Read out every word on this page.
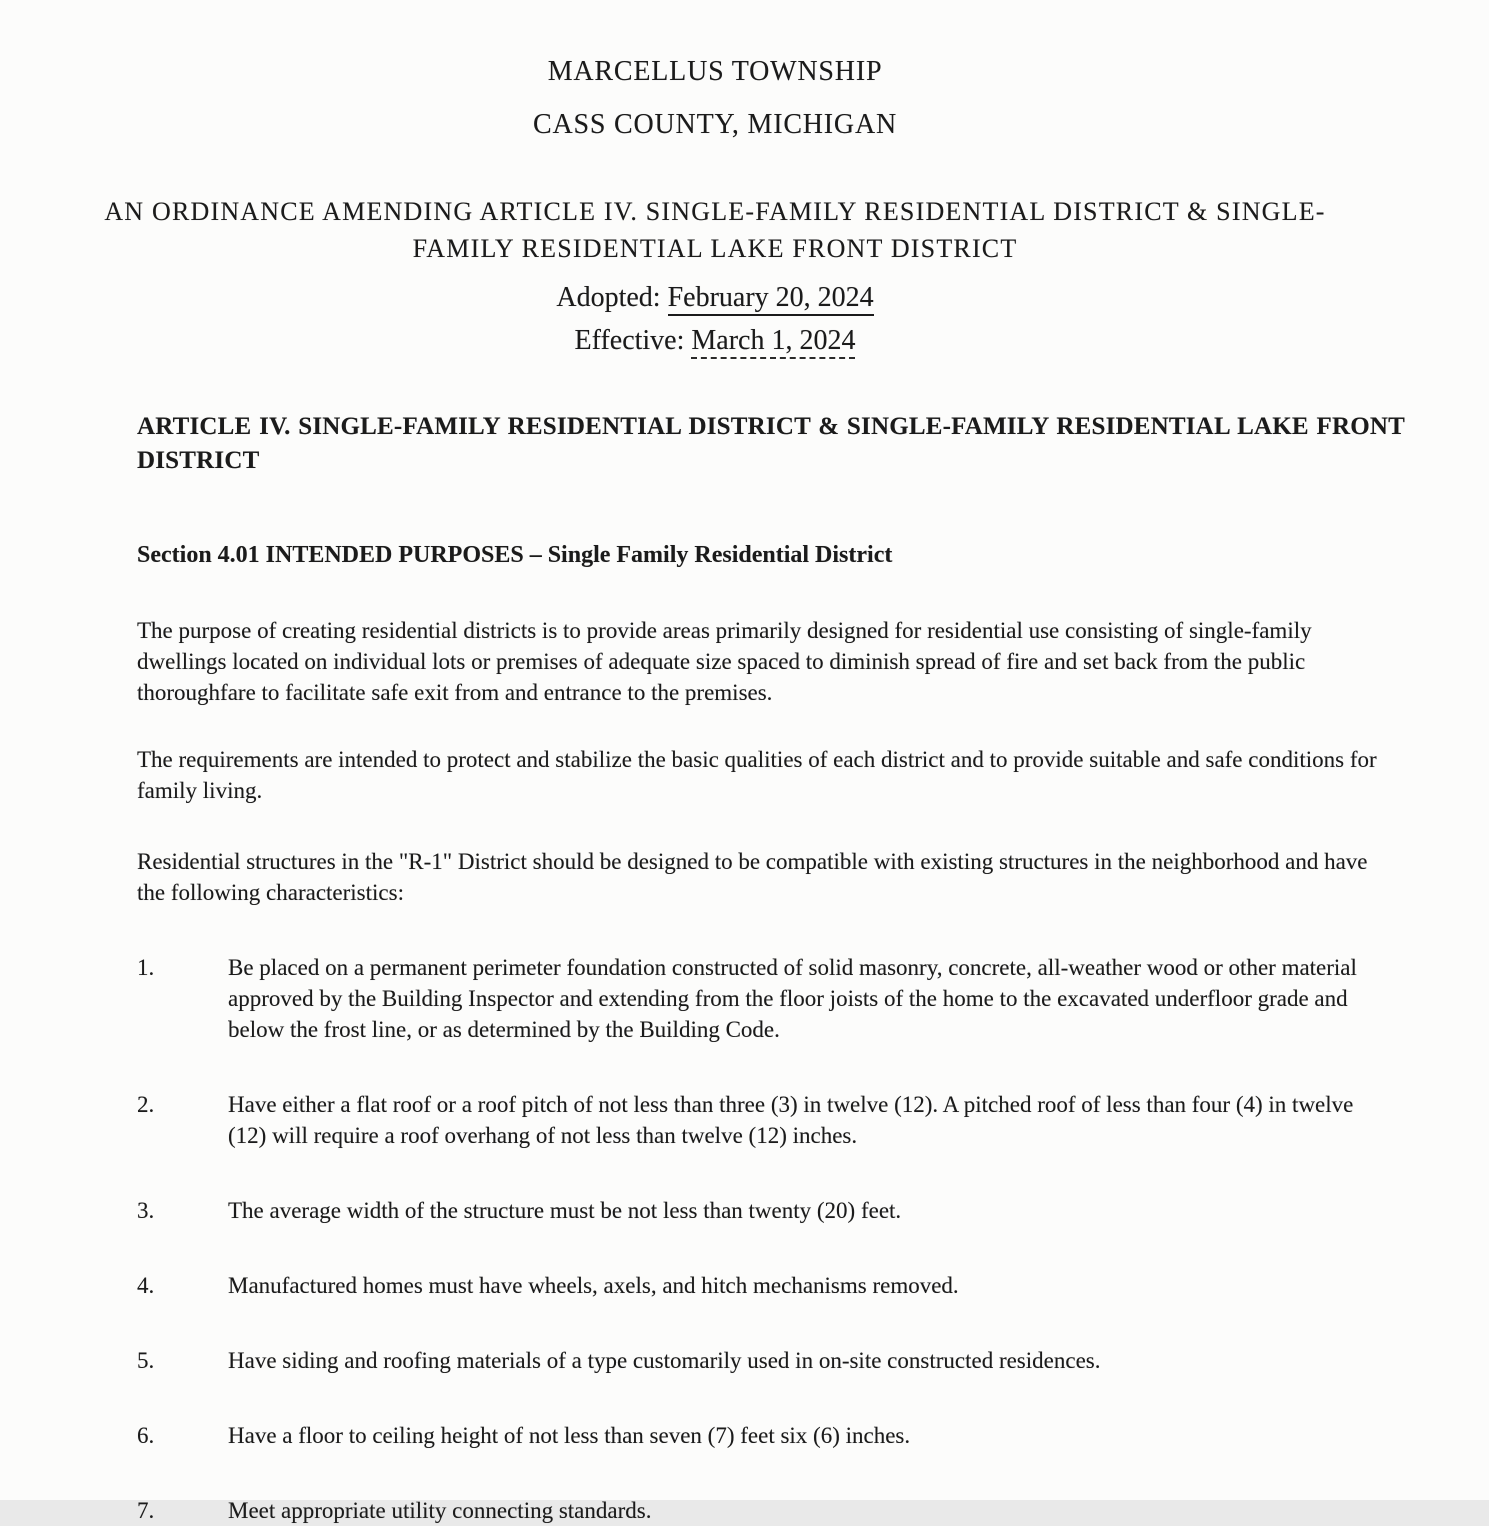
MARCELLUS TOWNSHIP
CASS COUNTY, MICHIGAN
AN ORDINANCE AMENDING ARTICLE IV. SINGLE-FAMILY RESIDENTIAL DISTRICT & SINGLE-
FAMILY RESIDENTIAL LAKE FRONT DISTRICT
Adopted: February 20, 2024
Effective: March 1, 2024
ARTICLE IV. SINGLE-FAMILY RESIDENTIAL DISTRICT & SINGLE-FAMILY RESIDENTIAL LAKE FRONT
DISTRICT
Section 4.01 INTENDED PURPOSES – Single Family Residential District
The purpose of creating residential districts is to provide areas primarily designed for residential use consisting of single-family dwellings located on individual lots or premises of adequate size spaced to diminish spread of fire and set back from the public thoroughfare to facilitate safe exit from and entrance to the premises.
The requirements are intended to protect and stabilize the basic qualities of each district and to provide suitable and safe conditions for family living.
Residential structures in the "R-1" District should be designed to be compatible with existing structures in the neighborhood and have the following characteristics:
1.	Be placed on a permanent perimeter foundation constructed of solid masonry, concrete, all-weather wood or other material approved by the Building Inspector and extending from the floor joists of the home to the excavated underfloor grade and below the frost line, or as determined by the Building Code.
2.	Have either a flat roof or a roof pitch of not less than three (3) in twelve (12). A pitched roof of less than four (4) in twelve (12) will require a roof overhang of not less than twelve (12) inches.
3.	The average width of the structure must be not less than twenty (20) feet.
4.	Manufactured homes must have wheels, axels, and hitch mechanisms removed.
5.	Have siding and roofing materials of a type customarily used in on-site constructed residences.
6.	Have a floor to ceiling height of not less than seven (7) feet six (6) inches.
7.	Meet appropriate utility connecting standards.
